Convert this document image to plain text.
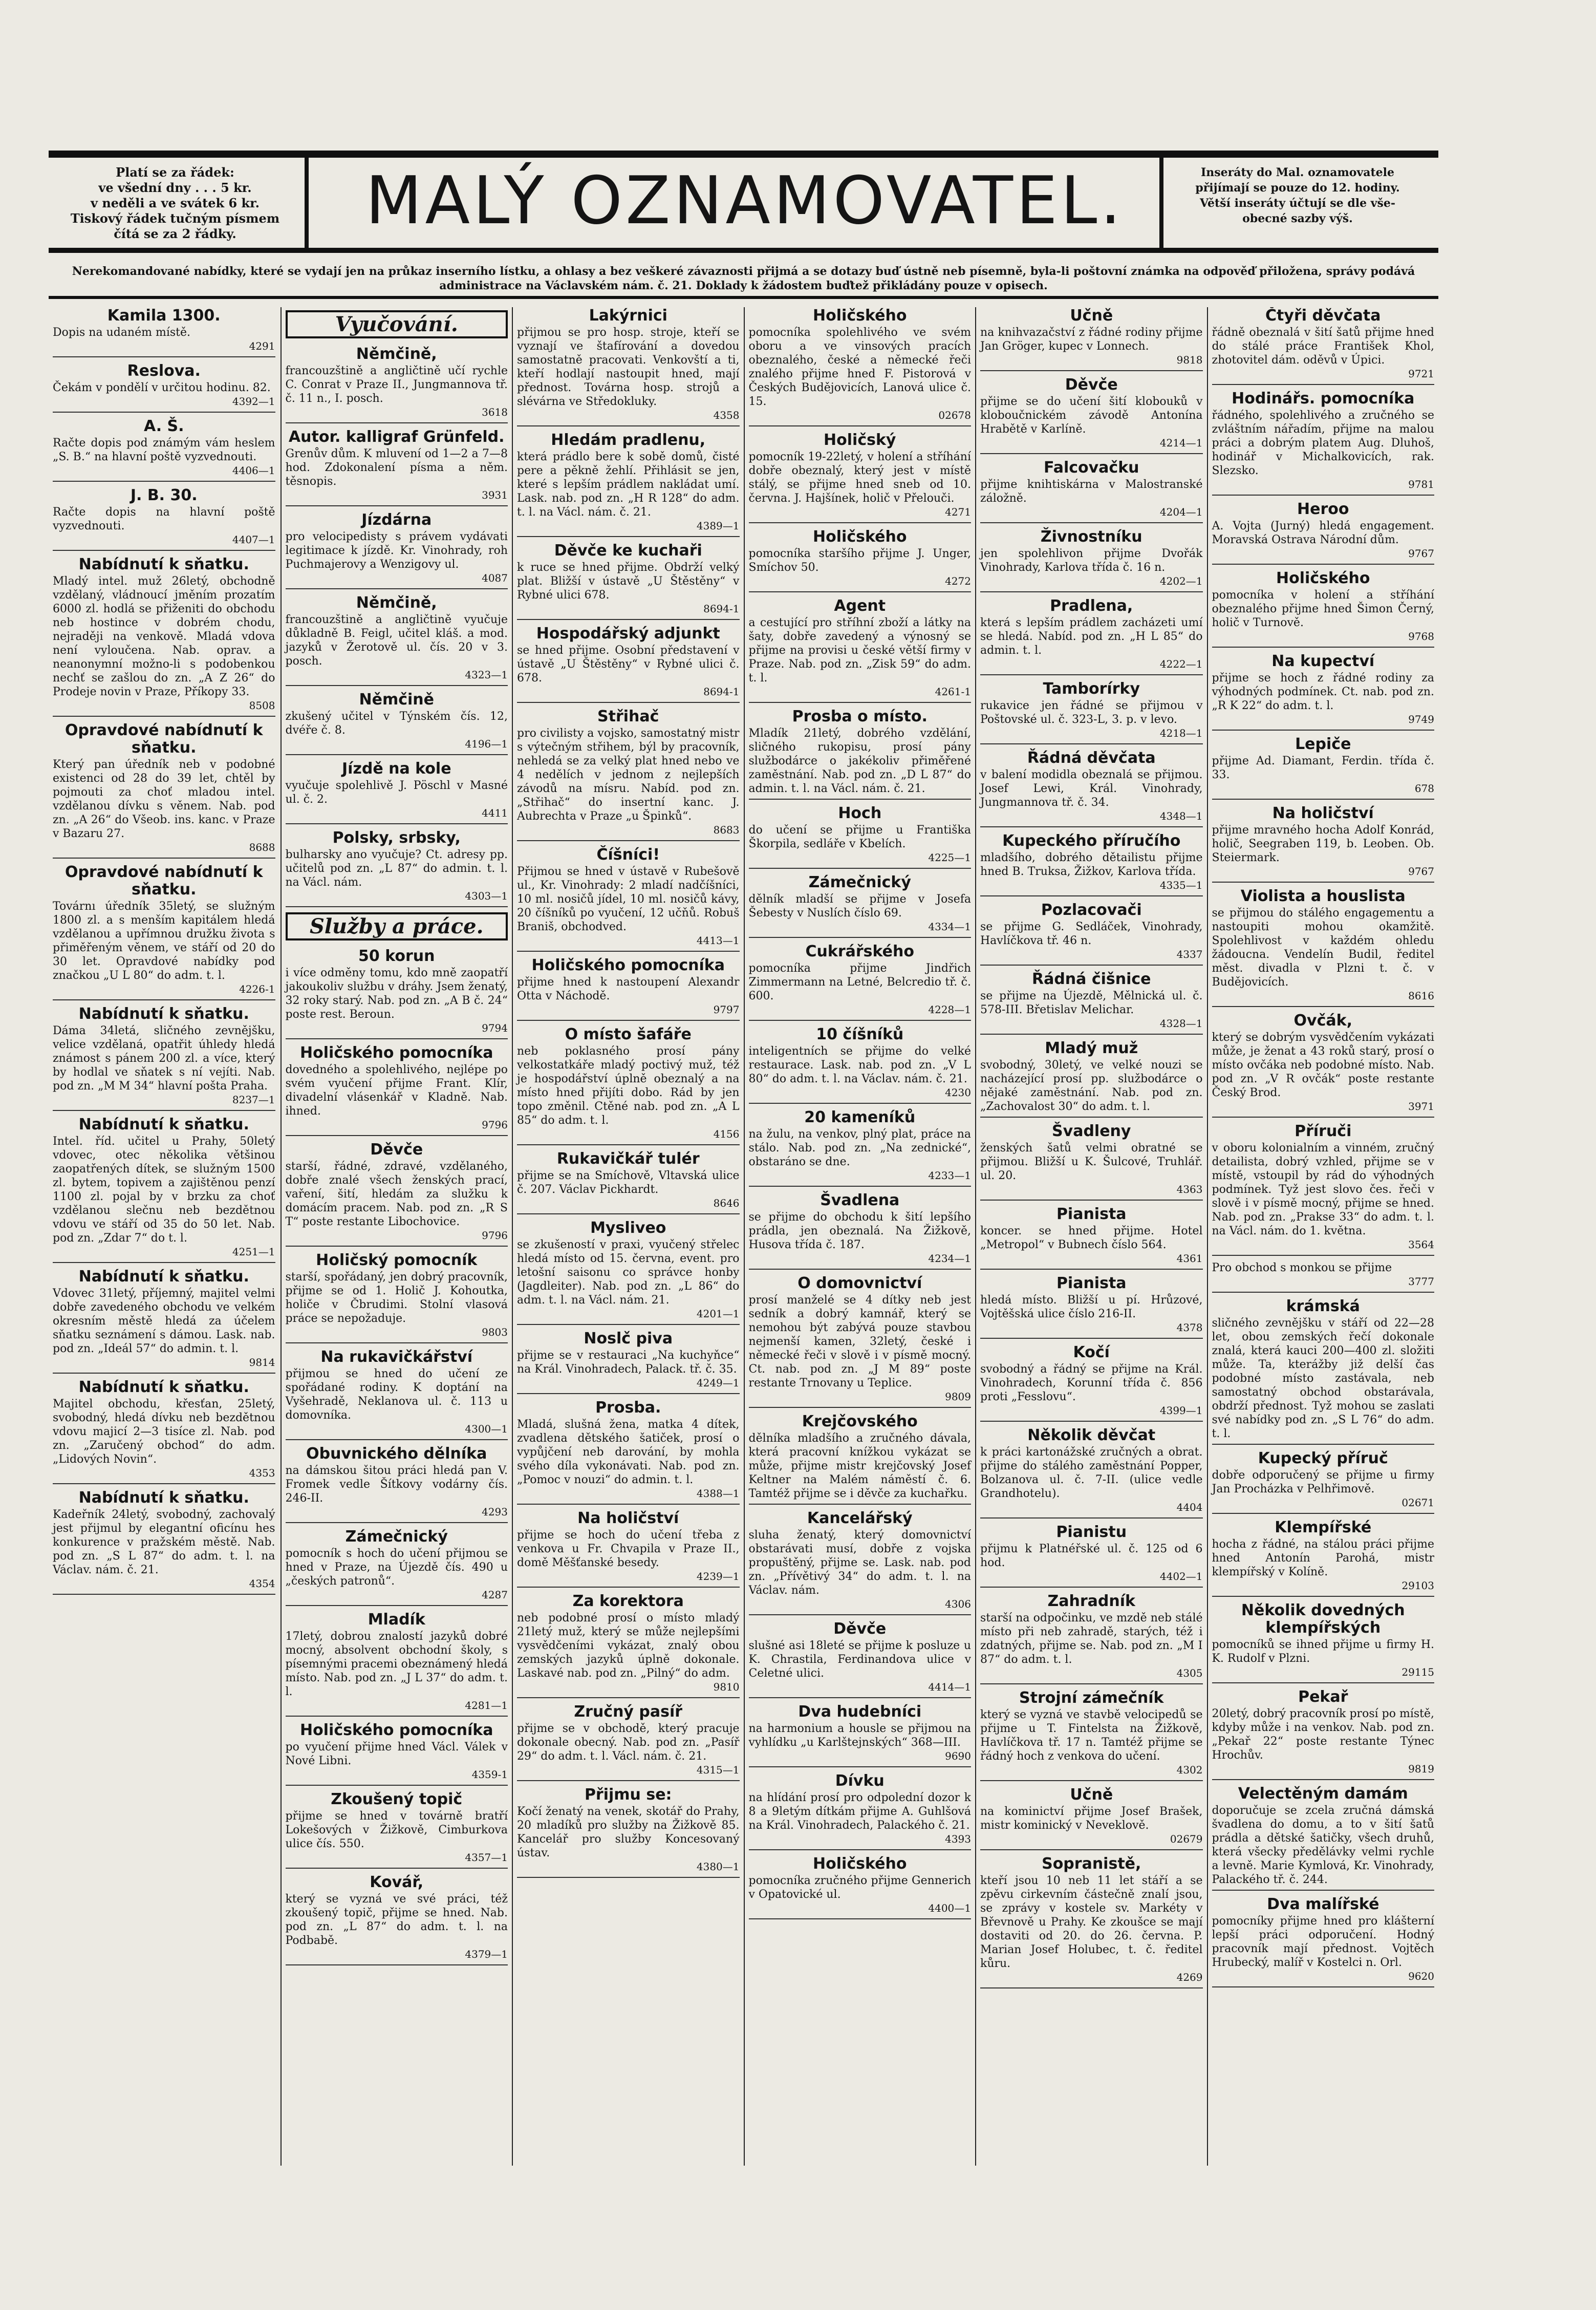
Platí se za řádek:
ve všední dny . . . 5 kr.
v neděli a ve svátek 6 kr.
Tiskový řádek tučným písmem
čítá se za 2 řádky.	MALÝ OZNAMOVATEL.	Inseráty do Mal. oznamovatele
přijímají se pouze do 12. hodiny.
Větší inseráty účtují se dle vše-
obecné sazby výš.
Nerekomandované nabídky, které se vydají jen na průkaz inserního lístku, a ohlasy a bez veškeré závaznosti přijmá a se dotazy buď ústně neb písemně, byla-li poštovní známka na odpověď přiložena, správy podává administrace na Václavském nám. č. 21. Doklady k žádostem buďtež přikládány pouze v opisech.
Kamila 1300.

Dopis na udaném místě.

4291
Reslova.

Čekám v pondělí v určitou hodinu. 82.

4392—1
A. Š.

Račte dopis pod známým vám heslem „S. B.“ na hlavní poště vyzvednouti.

4406—1
J. B. 30.

Račte dopis na hlavní poště vyzvednouti.

4407—1
Nabídnutí k sňatku.

Mladý intel. muž 26letý, obchodně vzdělaný, vládnoucí jměním prozatím 6000 zl. hodlá se přiženiti do obchodu neb hostince v dobrém chodu, nejraději na venkově. Mladá vdova není vyloučena. Nab. oprav. a neanonymní možno-li s podobenkou nechť se zašlou do zn. „A Z 26“ do Prodeje novin v Praze, Příkopy 33.

8508
Opravdové nabídnutí k sňatku.

Který pan úředník neb v podobné existenci od 28 do 39 let, chtěl by pojmouti za choť mladou intel. vzdělanou dívku s věnem. Nab. pod zn. „A 26“ do Všeob. ins. kanc. v Praze v Bazaru 27.

8688
Opravdové nabídnutí k sňatku.

Továrnı úředník 35letý, se služným 1800 zl. a s menším kapitálem hledá vzdělanou a upřímnou družku života s přiměřeným věnem, ve stáří od 20 do 30 let. Opravdové nabídky pod značkou „U L 80“ do adm. t. l.

4226-1
Nabídnutí k sňatku.

Dáma 34letá, sličného zevnějšku, velice vzdělaná, opatřit úhledy hledá známost s pánem 200 zl. a více, který by hodlal ve sňatek s ní vejíti. Nab. pod zn. „M M 34“ hlavní pošta Praha.

8237—1
Nabídnutí k sňatku.

Intel. říd. učitel u Prahy, 50letý vdovec, otec několika většinou zaopatřených dítek, se služným 1500 zl. bytem, topivem a zajištěnou penzí 1100 zl. pojal by v brzku za choť vzdělanou slečnu neb bezdětnou vdovu ve stáří od 35 do 50 let. Nab. pod zn. „Zdar 7“ do t. l.

4251—1
Nabídnutí k sňatku.

Vdovec 31letý, příjemný, majitel velmi dobře zavedeného obchodu ve velkém okresním městě hledá za účelem sňatku seznámení s dámou. Lask. nab. pod zn. „Ideál 57“ do admin. t. l.

9814
Nabídnutí k sňatku.

Majitel obchodu, křesťan, 25letý, svobodný, hledá dívku neb bezdětnou vdovu majicí 2—3 tisíce zl. Nab. pod zn. „Zaručený obchod“ do adm. „Lidových Novin“.

4353
Nabídnutí k sňatku.

Kadeřník 24letý, svobodný, zachovalý jest přijmul by elegantní oficínu hes konkurence v pražském městě. Nab. pod zn. „S L 87“ do adm. t. l. na Václav. nám. č. 21.

4354
Vyučování.
Němčině,

francouzštině a angličtině učí rychle C. Conrat v Praze II., Jungmannova tř. č. 11 n., I. posch.

3618
Autor. kalligraf Grünfeld.

Grenův dům. K mluvení od 1—2 a 7—8 hod. Zdokonalení písma a něm. těsnopis.

3931
Jízdárna

pro velocipedisty s právem vydávati legitimace k jízdě. Kr. Vinohrady, roh Puchmajerovy a Wenzigovy ul.

4087
Němčině,

francouzštině a angličtině vyučuje důkladně B. Feigl, učitel kláš. a mod. jazyků v Žerotově ul. čís. 20 v 3. posch.

4323—1
Němčině

zkušený učitel v Týnském čís. 12, dvéře č. 8.

4196—1
Jízdě na kole

vyučuje spolehlivě J. Pöschl v Masné ul. č. 2.

4411
Polsky, srbsky,

bulharsky ano vyučuje? Ct. adresy pp. učitelů pod zn. „L 87“ do admin. t. l. na Václ. nám.

4303—1
Služby a práce.
50 korun

i více odměny tomu, kdo mně zaopatří jakoukoliv službu v dráhy. Jsem ženatý, 32 roky starý. Nab. pod zn. „A B č. 24“ poste rest. Beroun.

9794
Holičského pomocníka

dovedného a spolehlivého, nejlépe po svém vyučení přijme Frant. Klír, divadelní vlásenkář v Kladně. Nab. ihned.

9796
Děvče

starší, řádné, zdravé, vzdělaného, dobře znalé všech ženských prací, vaření, šití, hledám za služku k domácím pracem. Nab. pod zn. „R S T“ poste restante Libochovice.

9796
Holičský pomocník

starší, spořádaný, jen dobrý pracovník, přijme se od 1. Holič J. Kohoutka, holiče v Čbrudimi. Stolní vlasová práce se nepožaduje.

9803
Na rukavičkářství

přijmou se hned do učení ze spořádané rodiny. K doptání na Vyšehradě, Neklanova ul. č. 113 u domovníka.

4300—1
Obuvnického dělníka

na dámskou šitou práci hledá pan V. Fromek vedle Šítkovy vodárny čís. 246-II.

4293
Zámečnický

pomocník s hoch do učení přijmou se hned v Praze, na Újezdě čís. 490 u „českých patronů“.

4287
Mladík

17letý, dobrou znalostí jazyků dobré mocný, absolvent obchodní školy, s písemnými pracemi obeznámený hledá místo. Nab. pod zn. „J L 37“ do adm. t. l.

4281—1
Holičského pomocníka

po vyučení přijme hned Václ. Válek v Nové Libni.

4359-1
Zkoušený topič

přijme se hned v továrně bratří Lokešových v Žižkově, Cimburkova ulice čís. 550.

4357—1
Kovář,

který se vyzná ve své práci, též zkoušený topič, přijme se hned. Nab. pod zn. „L 87“ do adm. t. l. na Podbabě.

4379—1
Lakýrnici

přijmou se pro hosp. stroje, kteří se vyznají ve štafírování a dovedou samostatně pracovati. Venkovští a ti, kteří hodlají nastoupit hned, mají přednost. Továrna hosp. strojů a slévárna ve Středokluky.

4358
Hledám pradlenu,

která prádlo bere k sobě domů, čisté pere a pěkně žehlí. Přihlásit se jen, které s lepším prádlem nakládat umí. Lask. nab. pod zn. „H R 128“ do adm. t. l. na Václ. nám. č. 21.

4389—1
Děvče ke kuchaři

k ruce se hned přijme. Obdrží velký plat. Bližší v ústavě „U Štěstěny“ v Rybné ulici 678.

8694-1
Hospodářský adjunkt

se hned přijme. Osobní představení v ústavě „U Štěstěny“ v Rybné ulici č. 678.

8694-1
Střihač

pro civilisty a vojsko, samostatný mistr s výtečným střihem, býl by pracovník, nehledá se za velký plat hned nebo ve 4 nedělích v jednom z nejlepších závodů na mísru. Nabíd. pod zn. „Střihač“ do insertní kanc. J. Aubrechta v Praze „u Špinků“.

8683
Číšníci!

Přijmou se hned v ústavě v Rubešově ul., Kr. Vinohrady: 2 mladí nadčíšníci, 10 ml. nosičů jídel, 10 ml. nosičů kávy, 20 číšníků po vyučení, 12 učňů. Robuš Braniš, obchodved.

4413—1
Holičského pomocníka

přijme hned k nastoupení Alexandr Otta v Náchodě.

9797
O místo šafáře

neb poklasného prosí pány velkostatkáře mladý poctivý muž, též je hospodářství úplně obeznalý a na místo hned přijíti dobo. Rád by jen topo změnil. Ctěné nab. pod zn. „A L 85“ do adm. t. l.

4156
Rukavičkář tulér

přijme se na Smíchově, Vltavská ulice č. 207. Václav Pickhardt.

8646
Mysliveo

se zkušeností v praxi, vyučený střelec hledá místo od 15. června, event. pro letošní saisonu co správce honby (Jagdleiter). Nab. pod zn. „L 86“ do adm. t. l. na Václ. nám. 21.

4201—1
Noslč piva

přijme se v restauraci „Na kuchyňce“ na Král. Vinohradech, Palack. tř. č. 35.

4249—1
Prosba.

Mladá, slušná žena, matka 4 dítek, zvadlena dětského šatiček, prosí o vypůjčení neb darování, by mohla svého díla vykonávati. Nab. pod zn. „Pomoc v nouzi“ do admin. t. l.

4388—1
Na holičství

přijme se hoch do učení třeba z venkova u Fr. Chvapila v Praze II., domě Měšťanské besedy.

4239—1
Za korektora

neb podobné prosí o místo mladý 21letý muž, který se může nejlepšími vysvědčeními vykázat, znalý obou zemských jazyků úplně dokonale. Laskavé nab. pod zn. „Pilný“ do adm.

9810
Zručný pasíř

přijme se v obchodě, který pracuje dokonale obecný. Nab. pod zn. „Pasíř 29“ do adm. t. l. Václ. nám. č. 21.

4315—1
Přijmu se:

Kočí ženatý na venek, skotář do Prahy, 20 mladíků pro služby na Žižkově 85. Kancelář pro služby Koncesovaný ústav.

4380—1
Holičského

pomocníka spolehlivého ve svém oboru a ve vinsových pracích obeznalého, české a německé řeči znalého přijme hned F. Pistorová v Českých Budějovicích, Lanová ulice č. 15.

02678
Holičský

pomocník 19-22letý, v holení a stříhání dobře obeznalý, který jest v místě stálý, se přijme hned sneb od 10. června. J. Hajšínek, holič v Přelouči.

4271
Holičského

pomocníka staršího přijme J. Unger, Smíchov 50.

4272
Agent

a cestující pro stříhní zboží a látky na šaty, dobře zavedený a výnosný se přijme na provisi u české větší firmy v Praze. Nab. pod zn. „Zisk 59“ do adm. t. l.

4261-1
Prosba o místo.

Mladík 21letý, dobrého vzdělání, sličného rukopisu, prosí pány službodárce o jakékoliv přiměřené zaměstnání. Nab. pod zn. „D L 87“ do admin. t. l. na Václ. nám. č. 21.

Hoch

do učení se přijme u Františka Škorpila, sedláře v Kbelích.

4225—1
Zámečnický

dělník mladší se přijme v Josefa Šebesty v Nuslích číslo 69.

4334—1
Cukrářského

pomocníka přijme Jindřich Zimmermann na Letné, Belcredio tř. č. 600.

4228—1
10 číšníků

inteligentních se přijme do velké restaurace. Lask. nab. pod zn. „V L 80“ do adm. t. l. na Václav. nám. č. 21.

4230
20 kameníků

na žulu, na venkov, plný plat, práce na stálo. Nab. pod zn. „Na zednické“, obstaráno se dne.

4233—1
Švadlena

se přijme do obchodu k šití lepšího prádla, jen obeznalá. Na Žižkově, Husova třída č. 187.

4234—1
O domovnictví

prosí manželé se 4 dítky neb jest sedník a dobrý kamnář, který se nemohou být zabývá pouze stavbou nejmenší kamen, 32letý, české i německé řeči v slově i v písmě mocný. Ct. nab. pod zn. „J M 89“ poste restante Trnovany u Teplice.

9809
Krejčovského

dělníka mladšího a zručného dávala, která pracovní knížkou vykázat se může, přijme mistr krejčovský Josef Keltner na Malém náměstí č. 6. Tamtéž přijme se i děvče za kuchařku.

Kancelářský

sluha ženatý, který domovnictví obstarávati musí, dobře z vojska propuštěný, přijme se. Lask. nab. pod zn. „Přívětivý 34“ do adm. t. l. na Václav. nám.

4306
Děvče

slušné asi 18leté se přijme k posluze u K. Chrastila, Ferdinandova ulice v Celetné ulici.

4414—1
Dva hudebníci

na harmonium a housle se přijmou na vyhlídku „u Karlštejnských“ 368—III.

9690
Dívku

na hlídání prosí pro odpolední dozor k 8 a 9letým dítkám přijme A. Guhlšová na Král. Vinohradech, Palackého č. 21.

4393
Holičského

pomocníka zručného přijme Gennerich v Opatovické ul.

4400—1
Učně

na knihvazačství z řádné rodiny přijme Jan Gröger, kupec v Lonnech.

9818
Děvče

přijme se do učení šití klobouků v kloboučnickém závodě Antonína Hrabětě v Karlíně.

4214—1
Falcovačku

přijme knihtiskárna v Malostranské záložně.

4204—1
Živnostníku

jen spolehlivon přijme Dvořák Vinohrady, Karlova třída č. 16 n.

4202—1
Pradlena,

která s lepším prádlem zacházeti umí se hledá. Nabíd. pod zn. „H L 85“ do admin. t. l.

4222—1
Tamborírky

rukavice jen řádné se přijmou v Poštovské ul. č. 323-L, 3. p. v levo.

4218—1
Řádná děvčata

v balení modidla obeznalá se přijmou. Josef Lewi, Král. Vinohrady, Jungmannova tř. č. 34.

4348—1
Kupeckého příručího

mladšího, dobrého dětailistu přijme hned B. Truksa, Žižkov, Karlova třída.

4335—1
Pozlacovači

se přijme G. Sedláček, Vinohrady, Havlíčkova tř. 46 n.

4337
Řádná čišnice

se přijme na Újezdě, Mělnická ul. č. 578-III. Břetislav Melichar.

4328—1
Mladý muž

svobodný, 30letý, ve velké nouzi se nacházející prosí pp. službodárce o nějaké zaměstnání. Nab. pod zn. „Zachovalost 30“ do adm. t. l.

Švadleny

ženských šatů velmi obratné se přijmou. Bližší u K. Šulcové, Truhlář. ul. 20.

4363
Pianista

koncer. se hned přijme. Hotel „Metropol“ v Bubnech číslo 564.

4361
Pianista

hledá místo. Bližší u pí. Hrůzové, Vojtěšská ulice číslo 216-II.

4378
Kočí

svobodný a řádný se přijme na Král. Vinohradech, Korunní třída č. 856 proti „Fesslovu“.

4399—1
Několik děvčat

k práci kartonážské zručných a obrat. přijme do stálého zaměstnání Popper, Bolzanova ul. č. 7-II. (ulice vedle Grandhotelu).

4404
Pianistu

přijmu k Platnéřské ul. č. 125 od 6 hod.

4402—1
Zahradník

starší na odpočinku, ve mzdě neb stálé místo při neb zahradě, starých, též i zdatných, přijme se. Nab. pod zn. „M I 87“ do adm. t. l.

4305
Strojní zámečník

který se vyzná ve stavbě velocipedů se přijme u T. Fintelsta na Žižkově, Havlíčkova tř. 17 n. Tamtéž přijme se řádný hoch z venkova do učení.

4302
Učně

na kominictví přijme Josef Brašek, mistr kominický v Neveklově.

02679
Sopranistě,

kteří jsou 10 neb 11 let stáří a se zpěvu cirkevním částečně znalí jsou, se zprávy v kostele sv. Markéty v Břevnově u Prahy. Ke zkoušce se mají dostaviti od 20. do 26. června. P. Marian Josef Holubec, t. č. ředitel kůru.

4269
Čtyři děvčata

řádně obeznalá v šití šatů přijme hned do stálé práce František Khol, zhotovitel dám. oděvů v Úpici.

9721
Hodinářs. pomocníka

řádného, spolehlivého a zručného se zvláštním nářadím, přijme na malou práci a dobrým platem Aug. Dluhoš, hodinář v Michalkovicích, rak. Slezsko.

9781
Heroo

A. Vojta (Jurný) hledá engagement. Moravská Ostrava Národní dům.

9767
Holičského

pomocníka v holení a stříhání obeznalého přijme hned Šimon Černý, holič v Turnově.

9768
Na kupectví

přijme se hoch z řádné rodiny za výhodných podmínek. Ct. nab. pod zn. „R K 22“ do adm. t. l.

9749
Lepiče

přijme Ad. Diamant, Ferdin. třída č. 33.

678
Na holičství

přijme mravného hocha Adolf Konrád, holič, Seegraben 119, b. Leoben. Ob. Steiermark.

9767
Violista a houslista

se přijmou do stálého engagementu a nastoupiti mohou okamžitě. Spolehlivost v každém ohledu žádoucna. Vendelín Budil, ředitel měst. divadla v Plzni t. č. v Budějovicích.

8616
Ovčák,

který se dobrým vysvědčením vykázati může, je ženat a 43 roků starý, prosí o místo ovčáka neb podobné místo. Nab. pod zn. „V R ovčák“ poste restante Český Brod.

3971
Příruči

v oboru kolonialním a vinném, zručný detailista, dobrý vzhled, přijme se v místě, vstoupil by rád do výhodných podmínek. Tyž jest slovo čes. řeči v slově i v písmě mocný, přijme se hned. Nab. pod zn. „Prakse 33“ do adm. t. l. na Václ. nám. do 1. května.

3564

Pro obchod s monkou se přijme

3777
krámská

sličného zevnějšku v stáří od 22—28 let, obou zemských řečí dokonale znalá, která kauci 200—400 zl. složiti může. Ta, kterážby již delší čas podobné místo zastávala, neb samostatný obchod obstarávala, obdrží přednost. Tyž mohou se zaslati své nabídky pod zn. „S L 76“ do adm. t. l.

Kupecký příruč

dobře odporučený se přijme u firmy Jan Procházka v Pelhřimově.

02671
Klempířské

hocha z řádné, na stálou práci přijme hned Antonín Parohá, mistr klempířský v Kolíně.

29103
Několik dovedných klempířských

pomocníků se ihned přijme u firmy H. K. Rudolf v Plzni.

29115
Pekař

20letý, dobrý pracovník prosí po místě, kdyby může i na venkov. Nab. pod zn. „Pekař 22“ poste restante Týnec Hrochův.

9819
Velectěným damám

doporučuje se zcela zručná dámská švadlena do domu, a to v šití šatů prádla a dětské šatičky, všech druhů, která všecky předělávky velmi rychle a levně. Marie Kymlová, Kr. Vinohrady, Palackého tř. č. 244.

Dva malířské

pomocníky přijme hned pro klášterní lepší práci odporučení. Hodný pracovník mají přednost. Vojtěch Hrubecký, malíř v Kostelci n. Orl.

9620
